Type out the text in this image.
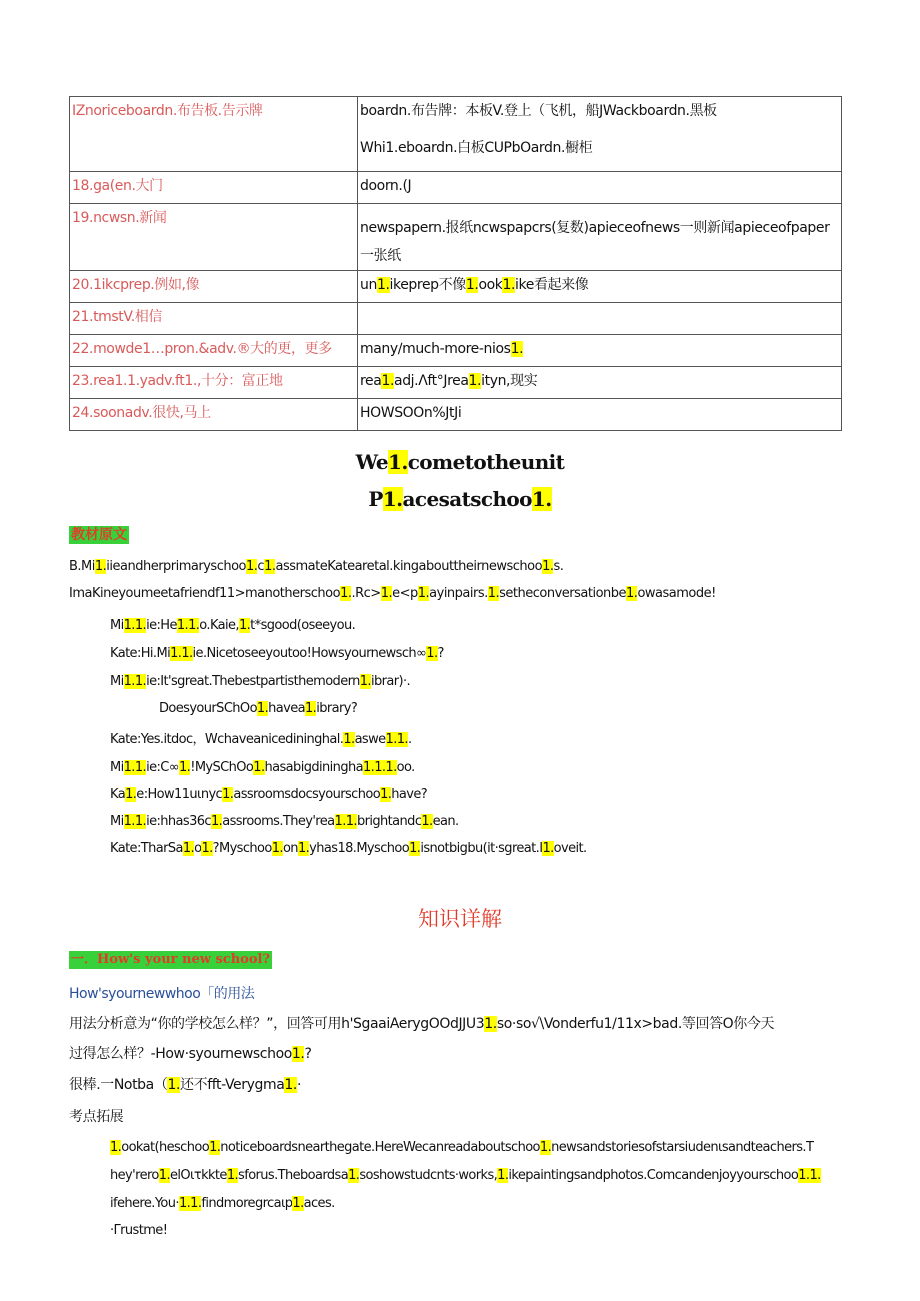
IZnoriceboardn.布告板.告示牌	boardn.布告牌：本板V.登上（飞机，船JWackboardn.黑板
Whi1.eboardn.白板CUPbOardn.橱柜

18.ga(en.大门	doorn.(J
19.ncwsn.新闻	newspapern.报纸ncwspapcrs(复数)apieceofnews一则新闻apieceofpaper一张纸

20.1ikcprep.例如,像	un1.ikeprep不像1.ook1.ike看起来像
21.tmstV.相信	
22.mowde1…pron.&adv.®大的更，更多	many∕much-more-nios1.
23.rea1.1.yadv.ft1.,十分：富正地	rea1.adj.Λft°Jrea1.ityn,现实
24.soonadv.很快,马上	HOWSOOn%JtJi
We1.cometotheunit
P1.acesatschoo1.
教材原文
B.Mi1.iieandherprimaryschoo1.c1.assmateKatearetal.kingabouttheirnewschoo1.s.
ImaKineyoumeetafriendf11>manotherschoo1..Rc>1.e<p1.ayinpairs.1.setheconversationbe1.owasamode!
Mi1.1.ie:He1.1.o.Kaie,1.t*sgood(oseeyou.
Kate:Hi.Mi1.1.ie.Nicetoseeyoutoo!Howsyournewsch∞1.?
Mi1.1.ie:It'sgreat.Thebestpartisthemodern1.ibrar)·.
DoesyourSChOo1.havea1.ibrary?
Kate:Yes.itdoc，Wchaveanicedininghal.1.aswe1.1..
Mi1.1.ie:C∞1.!MySChOo1.hasabigdiningha1.1.1.oo.
Ka1.e:How11uιnyc1.assroomsdocsyourschoo1.have?
Mi1.1.ie:hhas36c1.assrooms.They'rea1.1.brightandc1.ean.
Kate:TharSa1.o1.?Myschoo1.on1.yhas18.Myschoo1.isnotbigbu(it·sgreat.I1.oveit.
知识详解
一．How's your new school?
How'syournewwhoo「的用法
用法分析意为“你的学校怎么样？”，回答可用h'SgaaiAerygOOdJJU31.so·so√\Vonderfu1/11x>bad.等回答O你今天
过得怎么样？-How·syournewschoo1.?
很棒.一Notba（1.还不fft-Verygma1.·
考点拓展
1.ookat(heschoo1.noticeboardsnearthegate.HereWecanreadaboutschoo1.newsandstoriesofstarsiudenιsandteachers.T
hey'rero1.elOιτkkte1.sforus.Theboardsa1.soshowstudcnts·works,1.ikepaintingsandphotos.Comcandenjoyyourschoo1.1.
ifehere.You·1.1.findmoregrcaιp1.aces.
·Γrustme!
